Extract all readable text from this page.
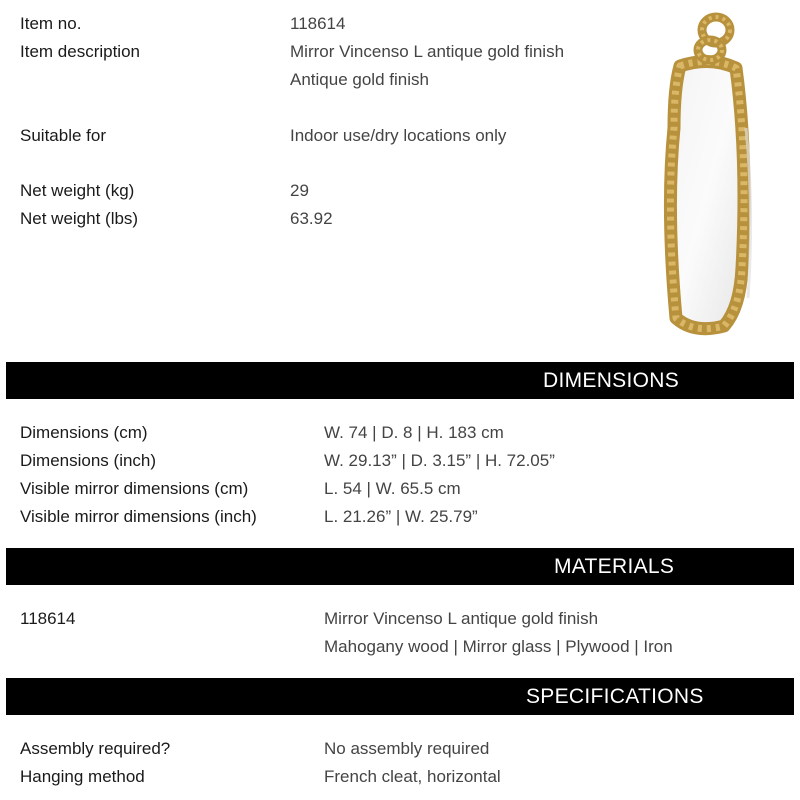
Item no.	118614
Item description	Mirror Vincenso L antique gold finish
Antique gold finish
Suitable for	Indoor use/dry locations only
Net weight (kg)	29
Net weight (lbs)	63.92
DIMENSIONS
Dimensions (cm)	W. 74 | D. 8 | H. 183 cm
Dimensions (inch)	W. 29.13” | D. 3.15” | H. 72.05”
Visible mirror dimensions (cm)	L. 54 | W. 65.5 cm
Visible mirror dimensions (inch)	L. 21.26” | W. 25.79”
MATERIALS
118614	Mirror Vincenso L antique gold finish
Mahogany wood | Mirror glass | Plywood | Iron
SPECIFICATIONS
Assembly required?	No assembly required
Hanging method	French cleat, horizontal
